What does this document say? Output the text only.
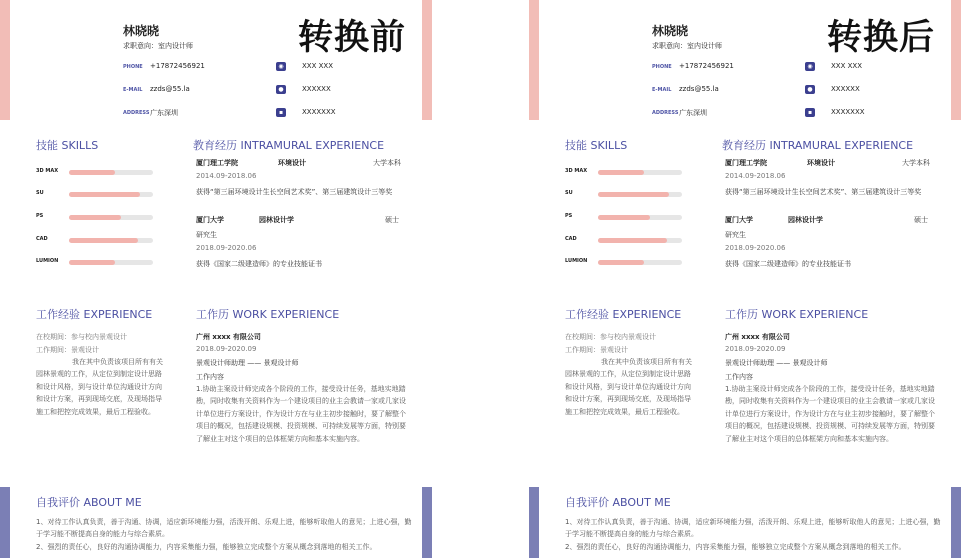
林晓晓
求职意向：室内设计师	转换前
PHONE +17872456921	◉	XXX XXX
E-MAIL zzds@55.la	●	XXXXXX
ADDRESS 广东深圳	▪	XXXXXXX
技能 SKILLS
3D MAX
SU
PS
CAD
LUMION
教育经历 INTRAMURAL EXPERIENCE
厦门理工学院	环境设计	大学本科
2014.09-2018.06
获得“第三届环境设计生长空间艺术奖”、第三届建筑设计三等奖
厦门大学	园林设计学	硕士
研究生
2018.09-2020.06
获得《国家二级建造师》的专业技能证书
工作经验 EXPERIENCE
在校期间：参与校内景观设计
工作期间：景观设计
我在其中负责该项目所有有关园林景观的工作，从定位到制定设计思路和设计风格，到与设计单位沟通设计方向和设计方案，再到现场交底，及现场指导施工和把控完成效果，最后工程验收。
工作历 WORK EXPERIENCE
广州 xxxx 有限公司
2018.09-2020.09
景观设计师助理 —— 景观设计师
工作内容
1.协助主案设计师完成各个阶段的工作，接受设计任务，基地实地踏勘，同时收集有关资料作为一个建设项目的业主会教请一家或几家设计单位进行方案设计，作为设计方在与业主初步接触时，要了解整个项目的概况，包括建设规模、投资规模、可持续发展等方面，特别要了解业主对这个项目的总体框架方向和基本实施内容。
自我评价 ABOUT ME
1、对待工作认真负责，善于沟通、协调，适应新环境能力强，活泼开朗、乐观上进，能够听取他人的意见；上进心强，勤于学习能不断提高自身的能力与综合素质。
2、强烈的责任心，良好的沟通协调能力，内容采集能力强，能够独立完成整个方案从概念到落地的相关工作。
林晓晓
求职意向：室内设计师	转换后
PHONE +17872456921	◉	XXX XXX
E-MAIL zzds@55.la	●	XXXXXX
ADDRESS 广东深圳	▪	XXXXXXX
技能 SKILLS
3D MAX
SU
PS
CAD
LUMION
教育经历 INTRAMURAL EXPERIENCE
厦门理工学院	环境设计	大学本科
2014.09-2018.06
获得“第三届环境设计生长空间艺术奖”、第三届建筑设计三等奖
厦门大学	园林设计学	硕士
研究生
2018.09-2020.06
获得《国家二级建造师》的专业技能证书
工作经验 EXPERIENCE
在校期间：参与校内景观设计
工作期间：景观设计
我在其中负责该项目所有有关园林景观的工作，从定位到制定设计思路和设计风格，到与设计单位沟通设计方向和设计方案，再到现场交底，及现场指导施工和把控完成效果，最后工程验收。
工作历 WORK EXPERIENCE
广州 xxxx 有限公司
2018.09-2020.09
景观设计师助理 —— 景观设计师
工作内容
1.协助主案设计师完成各个阶段的工作，接受设计任务，基地实地踏勘，同时收集有关资料作为一个建设项目的业主会教请一家或几家设计单位进行方案设计，作为设计方在与业主初步接触时，要了解整个项目的概况，包括建设规模、投资规模、可持续发展等方面，特别要了解业主对这个项目的总体框架方向和基本实施内容。
自我评价 ABOUT ME
1、对待工作认真负责，善于沟通、协调，适应新环境能力强，活泼开朗、乐观上进，能够听取他人的意见；上进心强，勤于学习能不断提高自身的能力与综合素质。
2、强烈的责任心，良好的沟通协调能力，内容采集能力强，能够独立完成整个方案从概念到落地的相关工作。
